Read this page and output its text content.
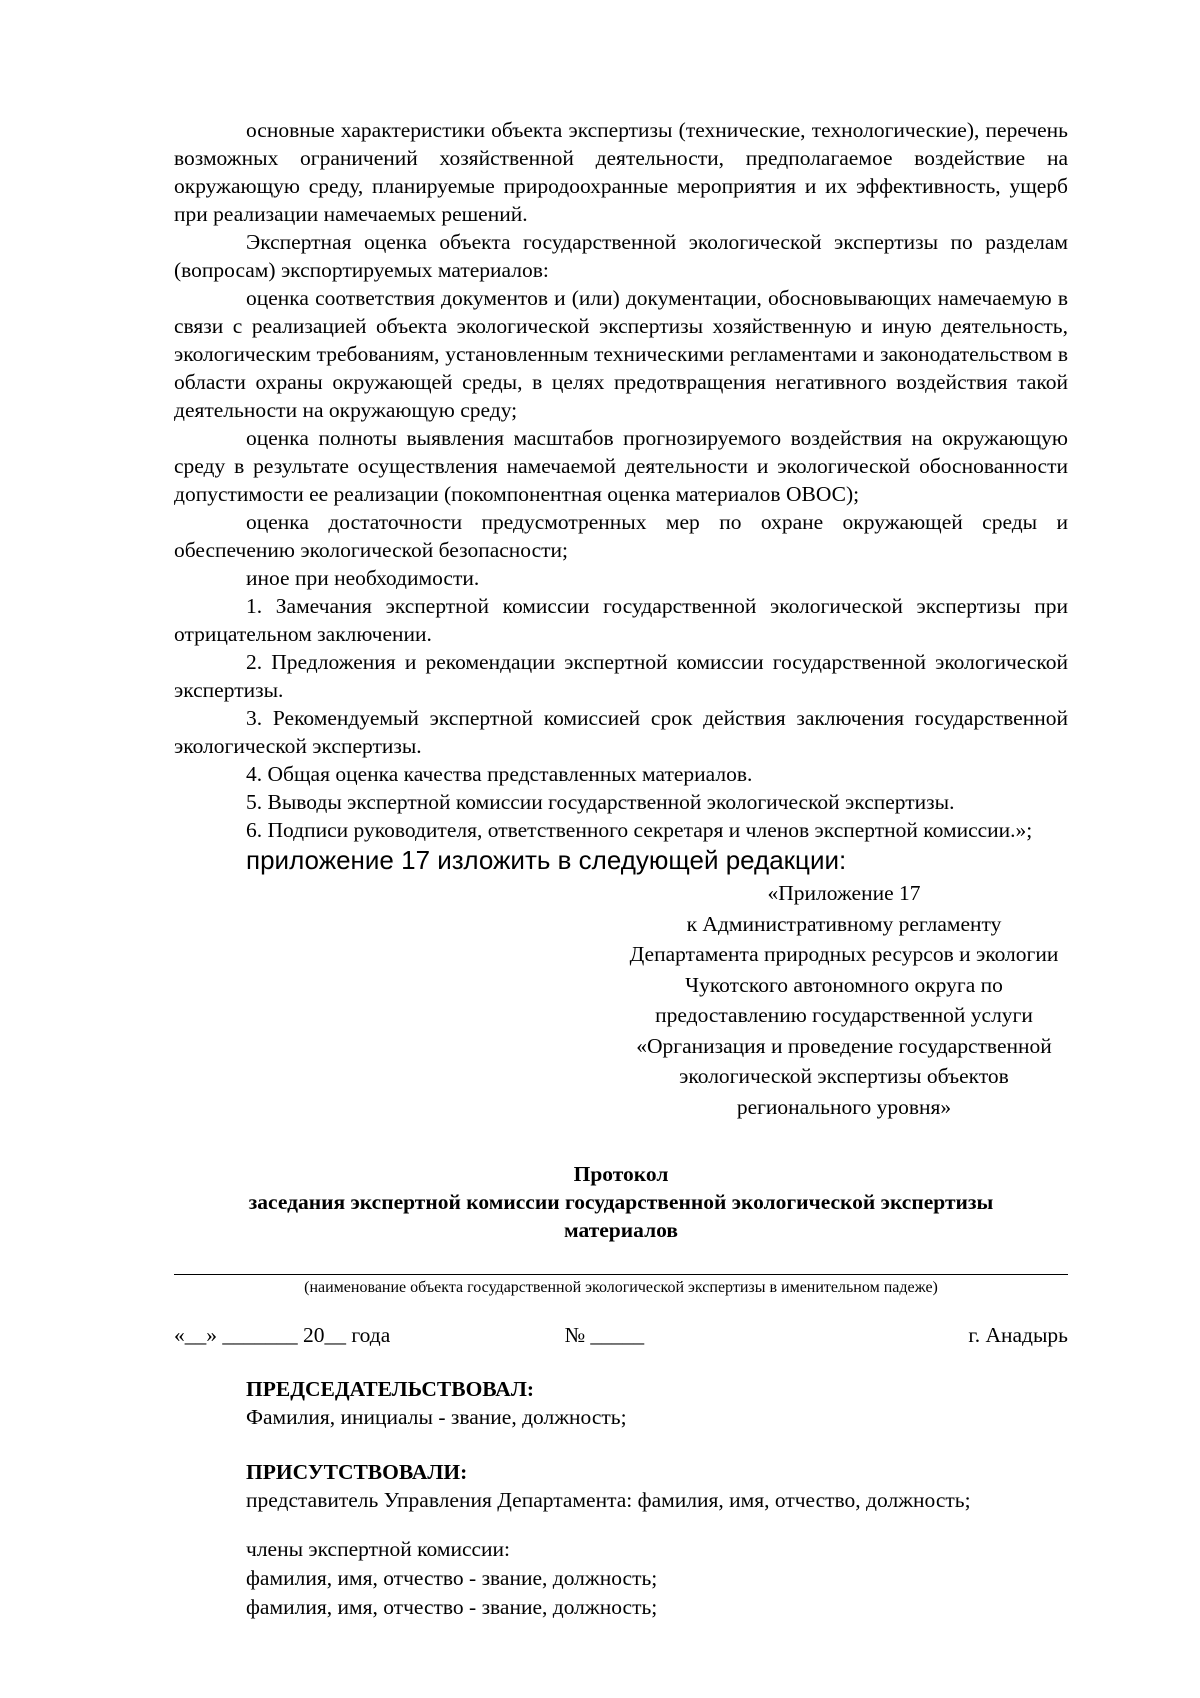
основные характеристики объекта экспертизы (технические, технологические), перечень возможных ограничений хозяйственной деятельности, предполагаемое воздействие на окружающую среду, планируемые природоохранные мероприятия и их эффективность, ущерб при реализации намечаемых решений.

Экспертная оценка объекта государственной экологической экспертизы по разделам (вопросам) экспортируемых материалов:

оценка соответствия документов и (или) документации, обосновывающих намечаемую в связи с реализацией объекта экологической экспертизы хозяйственную и иную деятельность, экологическим требованиям, установленным техническими регламентами и законодательством в области охраны окружающей среды, в целях предотвращения негативного воздействия такой деятельности на окружающую среду;

оценка полноты выявления масштабов прогнозируемого воздействия на окружающую среду в результате осуществления намечаемой деятельности и экологической обоснованности допустимости ее реализации (покомпонентная оценка материалов ОВОС);

оценка достаточности предусмотренных мер по охране окружающей среды и обеспечению экологической безопасности;

иное при необходимости.

1. Замечания экспертной комиссии государственной экологической экспертизы при отрицательном заключении.

2. Предложения и рекомендации экспертной комиссии государственной экологической экспертизы.

3. Рекомендуемый экспертной комиссией срок действия заключения государственной экологической экспертизы.

4. Общая оценка качества представленных материалов.

5. Выводы экспертной комиссии государственной экологической экспертизы.

6. Подписи руководителя, ответственного секретаря и членов экспертной комиссии.»;

приложение 17 изложить в следующей редакции:

«Приложение 17
к Административному регламенту
Департамента природных ресурсов и экологии
Чукотского автономного округа по
предоставлению государственной услуги
«Организация и проведение государственной
экологической экспертизы объектов
регионального уровня»
Протокол
заседания экспертной комиссии государственной экологической экспертизы
материалов
(наименование объекта государственной экологической экспертизы в именительном падеже)
«__» _______ 20__ года	№ _____	г. Анадырь
ПРЕДСЕДАТЕЛЬСТВОВАЛ:

Фамилия, инициалы - звание, должность;

ПРИСУТСТВОВАЛИ:

представитель Управления Департамента: фамилия, имя, отчество, должность;

члены экспертной комиссии:

фамилия, имя, отчество - звание, должность;

фамилия, имя, отчество - звание, должность;
